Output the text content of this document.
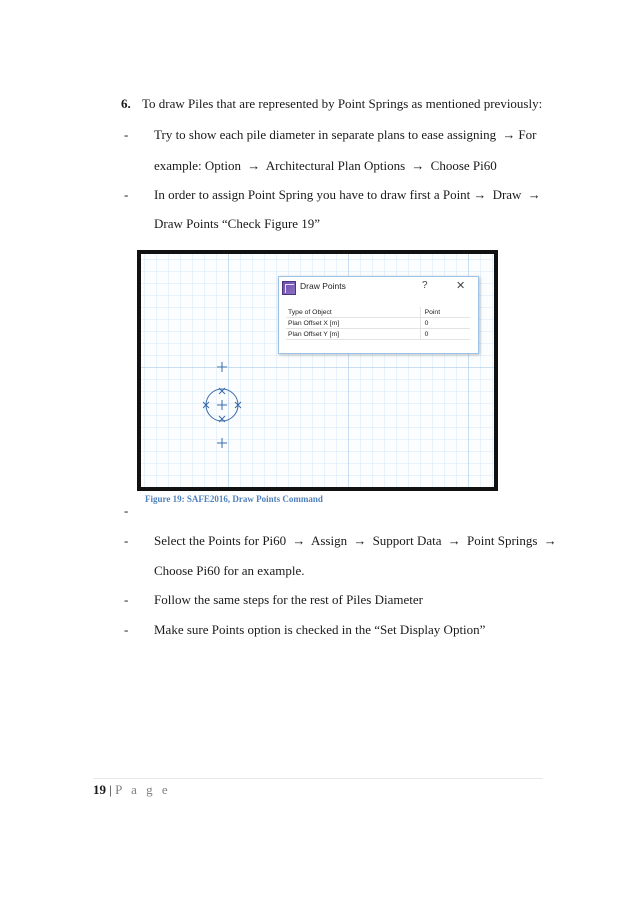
6. To draw Piles that are represented by Point Springs as mentioned previously:
- Try to show each pile diameter in separate plans to ease assigning → For
example: Option → Architectural Plan Options → Choose Pi60
- In order to assign Point Spring you have to draw first a Point → Draw →
Draw Points “Check Figure 19”
Draw Points	?	✕
Type of Object	Point
Plan Offset X [m]	0
Plan Offset Y [m]	0
Figure 19: SAFE2016, Draw Points Command
-
- Select the Points for Pi60 → Assign → Support Data → Point Springs →
Choose Pi60 for an example.
- Follow the same steps for the rest of Piles Diameter
- Make sure Points option is checked in the “Set Display Option”
19 | P a g e
